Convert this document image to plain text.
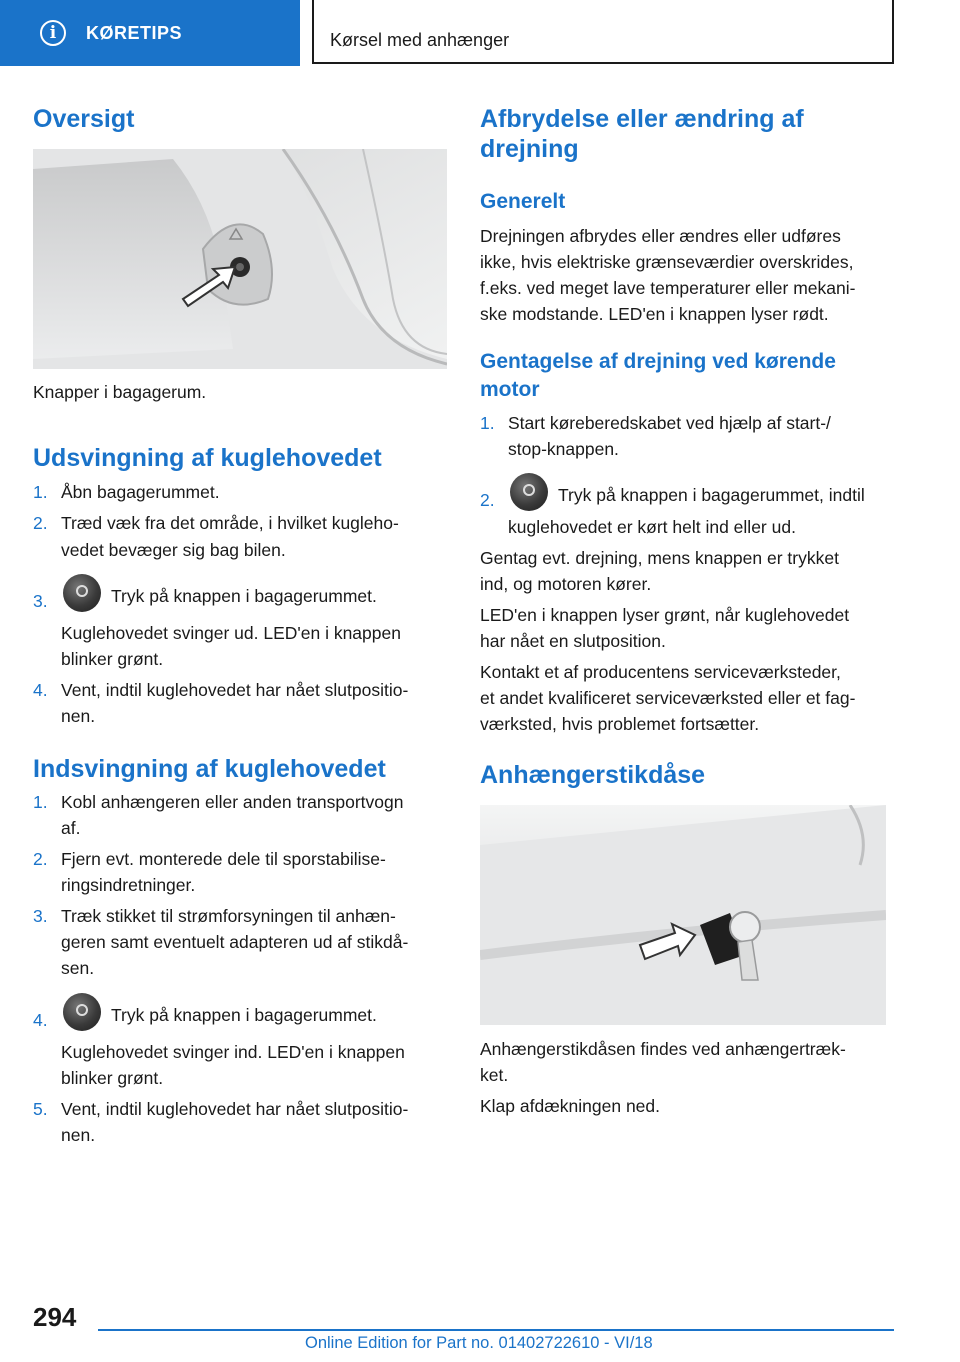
i	KØRETIPS	Kørsel med anhænger
Oversigt

Knapper i bagagerum.

Udsvingning af kuglehovedet
1. Åbn bagagerummet.
2. Træd væk fra det område, i hvilket kugleho-
vedet bevæger sig bag bilen.
3.	Tryk på knappen i bagagerummet.
Kuglehovedet svinger ud. LED'en i knappen
blinker grønt.
4. Vent, indtil kuglehovedet har nået slutpositio-
nen.
Indsvingning af kuglehovedet
1. Kobl anhængeren eller anden transportvogn
af.
2. Fjern evt. monterede dele til sporstabilise-
ringsindretninger.
3. Træk stikket til strømforsyningen til anhæn-
geren samt eventuelt adapteren ud af stikdå-
sen.
4.	Tryk på knappen i bagagerummet.
Kuglehovedet svinger ind. LED'en i knappen
blinker grønt.
5. Vent, indtil kuglehovedet har nået slutpositio-
nen.
Afbrydelse eller ændring af
drejning
Generelt

Drejningen afbrydes eller ændres eller udføres

ikke, hvis elektriske grænseværdier overskrides,

f.eks. ved meget lave temperaturer eller mekani-

ske modstande. LED'en i knappen lyser rødt.

Gentagelse af drejning ved kørende
motor
1. Start køreberedskabet ved hjælp af start-/
stop-knappen.
2.	Tryk på knappen i bagagerummet, indtil
kuglehovedet er kørt helt ind eller ud.

Gentag evt. drejning, mens knappen er trykket

ind, og motoren kører.

LED'en i knappen lyser grønt, når kuglehovedet

har nået en slutposition.

Kontakt et af producentens serviceværksteder,

et andet kvalificeret serviceværksted eller et fag-

værksted, hvis problemet fortsætter.

Anhængerstikdåse

Anhængerstikdåsen findes ved anhængertræk-

ket.

Klap afdækningen ned.

294
Online Edition for Part no. 01402722610 - VI/18
